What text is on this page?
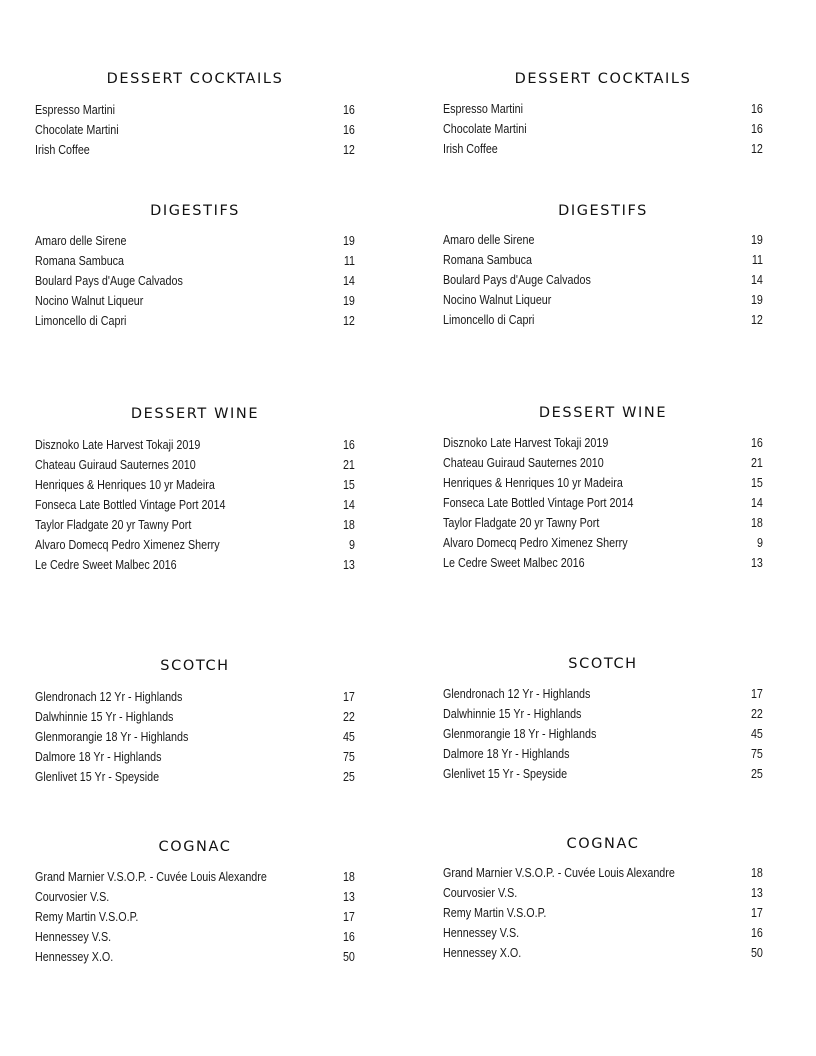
DESSERT COCKTAILS
Espresso Martini	16
Chocolate Martini	16
Irish Coffee	12
DIGESTIFS
Amaro delle Sirene	19
Romana Sambuca	11
Boulard Pays d'Auge Calvados	14
Nocino Walnut Liqueur	19
Limoncello di Capri	12
DESSERT WINE
Disznoko Late Harvest Tokaji 2019	16
Chateau Guiraud Sauternes 2010	21
Henriques & Henriques 10 yr Madeira	15
Fonseca Late Bottled Vintage Port 2014	14
Taylor Fladgate 20 yr Tawny Port	18
Alvaro Domecq Pedro Ximenez Sherry	9
Le Cedre Sweet Malbec 2016	13
SCOTCH
Glendronach 12 Yr - Highlands	17
Dalwhinnie 15 Yr - Highlands	22
Glenmorangie 18 Yr - Highlands	45
Dalmore 18 Yr - Highlands	75
Glenlivet 15 Yr - Speyside	25
COGNAC
Grand Marnier V.S.O.P. - Cuvée Louis Alexandre	18
Courvosier V.S.	13
Remy Martin V.S.O.P.	17
Hennessey V.S.	16
Hennessey X.O.	50
DESSERT COCKTAILS
Espresso Martini	16
Chocolate Martini	16
Irish Coffee	12
DIGESTIFS
Amaro delle Sirene	19
Romana Sambuca	11
Boulard Pays d'Auge Calvados	14
Nocino Walnut Liqueur	19
Limoncello di Capri	12
DESSERT WINE
Disznoko Late Harvest Tokaji 2019	16
Chateau Guiraud Sauternes 2010	21
Henriques & Henriques 10 yr Madeira	15
Fonseca Late Bottled Vintage Port 2014	14
Taylor Fladgate 20 yr Tawny Port	18
Alvaro Domecq Pedro Ximenez Sherry	9
Le Cedre Sweet Malbec 2016	13
SCOTCH
Glendronach 12 Yr - Highlands	17
Dalwhinnie 15 Yr - Highlands	22
Glenmorangie 18 Yr - Highlands	45
Dalmore 18 Yr - Highlands	75
Glenlivet 15 Yr - Speyside	25
COGNAC
Grand Marnier V.S.O.P. - Cuvée Louis Alexandre	18
Courvosier V.S.	13
Remy Martin V.S.O.P.	17
Hennessey V.S.	16
Hennessey X.O.	50
